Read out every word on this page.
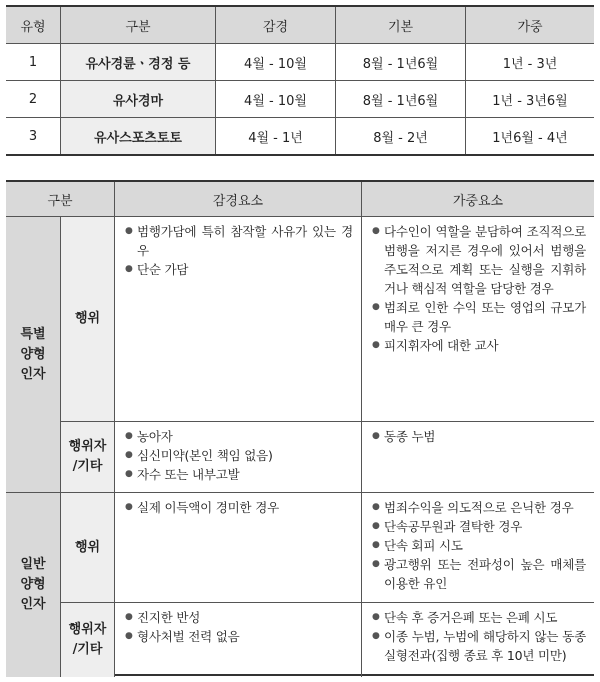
유형	구분	감경	기본	가중
1	유사경륜ㆍ경정 등	4월 - 10월	8월 - 1년6월	1년 - 3년
2	유사경마	4월 - 10월	8월 - 1년6월	1년 - 3년6월
3	유사스포츠토토	4월 - 1년	8월 - 2년	1년6월 - 4년
구분	감경요소	가중요소
특별
양형
인자
행위
● 범행가담에 특히 참작할 사유가 있는 경우
● 단순 가담
● 다수인이 역할을 분담하여 조직적으로 범행을 저지른 경우에 있어서 범행을 주도적으로 계획 또는 실행을 지휘하거나 핵심적 역할을 담당한 경우
● 범죄로 인한 수익 또는 영업의 규모가 매우 큰 경우
● 피지휘자에 대한 교사
행위자
/기타
● 농아자
● 심신미약(본인 책임 없음)
● 자수 또는 내부고발
● 동종 누범
일반
양형
인자
행위
● 실제 이득액이 경미한 경우
●	범죄수익을 의도적으로 은닉한 경우
● 단속공무원과 결탁한 경우
● 단속 회피 시도
● 광고행위 또는 전파성이 높은 매체를 이용한 유인
행위자
/기타
● 진지한 반성
● 형사처벌 전력 없음
● 단속 후 증거은폐 또는 은폐 시도
● 이종 누범, 누범에 해당하지 않는 동종 실형전과(집행 종료 후 10년 미만)
